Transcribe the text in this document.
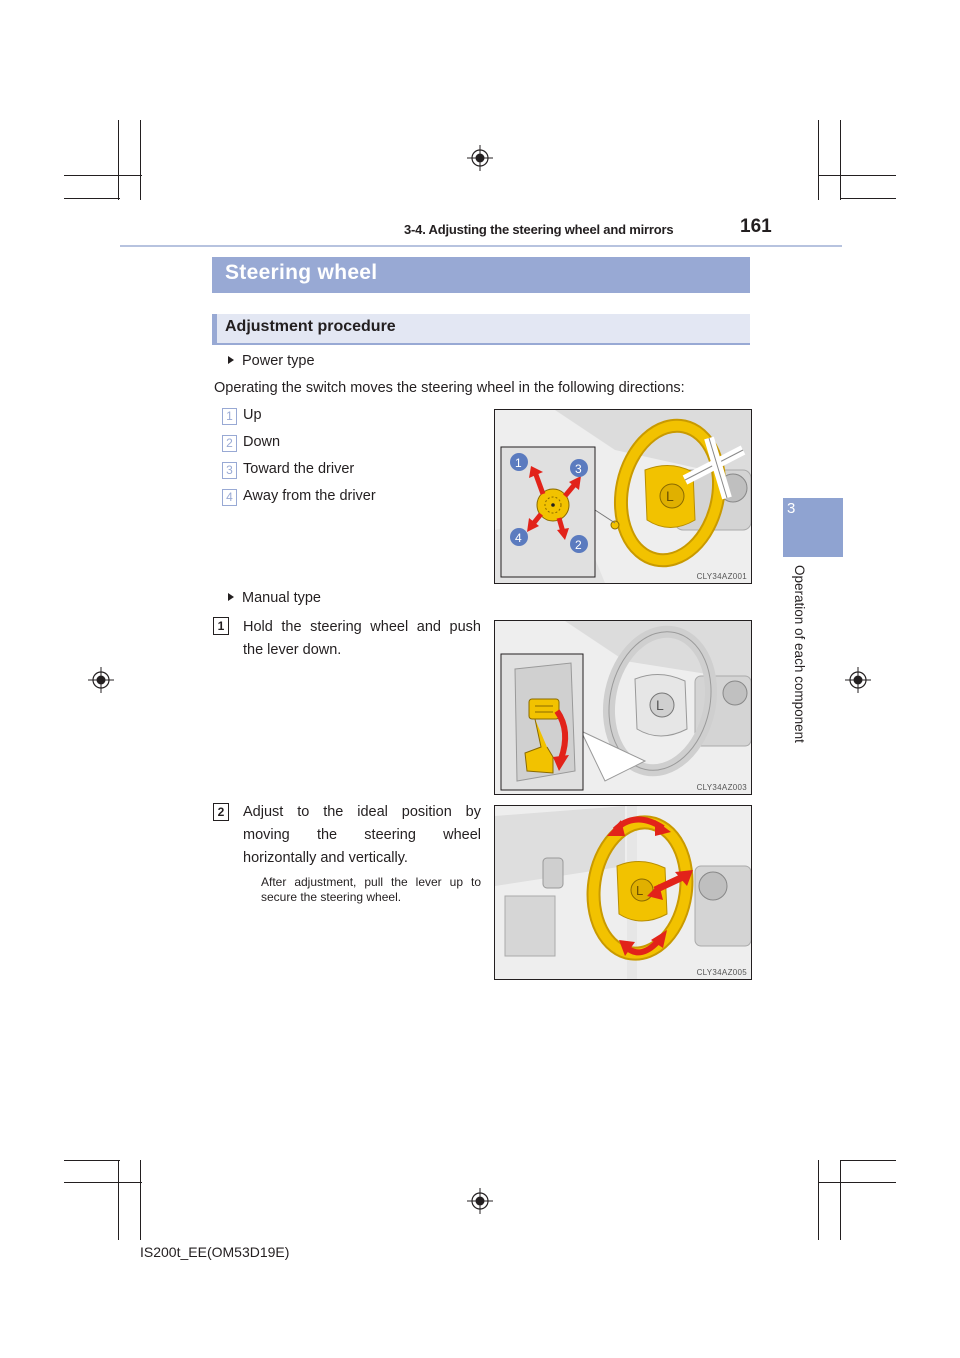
3-4. Adjusting the steering wheel and mirrors	161
3
Operation of each component
Steering wheel
Adjustment procedure
Power type
Operating the switch moves the steering wheel in the following directions:
1 Up
2 Down
3 Toward the driver
4 Away from the driver	L
1	3
4	2
CLY34AZ001
Manual type
1	Hold the steering wheel and push the lever down.
L
CLY34AZ003
2	Adjust to the ideal position by moving the steering wheel horizontally and vertically.
After adjustment, pull the lever up to secure the steering wheel.	L
CLY34AZ005
IS200t_EE(OM53D19E)
